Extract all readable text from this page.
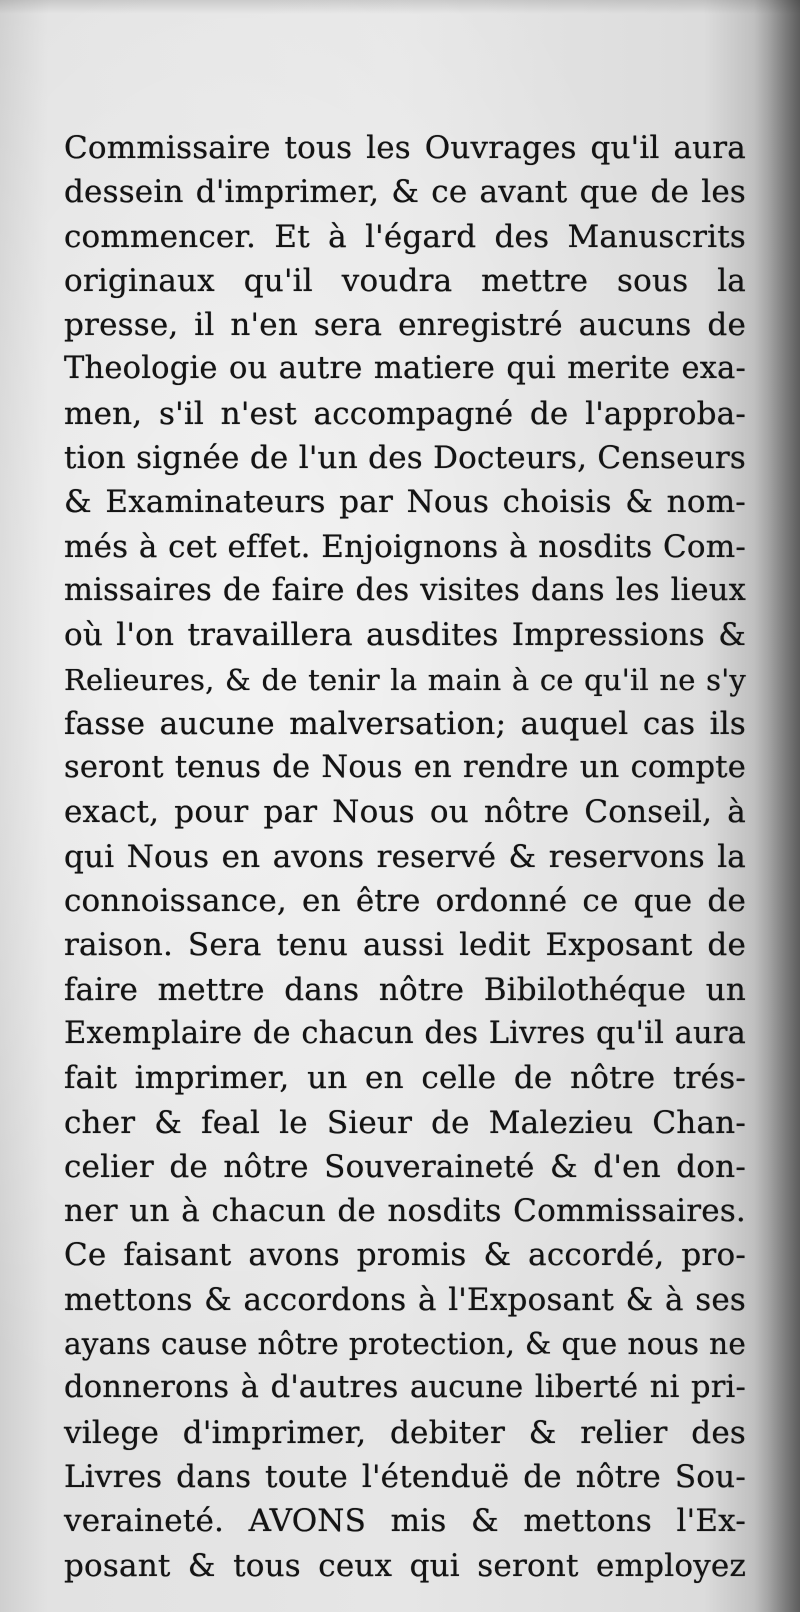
Commissaire tous les Ouvrages qu'il aura
dessein d'imprimer, & ce avant que de les
commencer. Et à l'égard des Manuscrits
originaux qu'il voudra mettre sous la
presse, il n'en sera enregistré aucuns de
Theologie ou autre matiere qui merite exa-
men, s'il n'est accompagné de l'approba-
tion signée de l'un des Docteurs, Censeurs
& Examinateurs par Nous choisis & nom-
més à cet effet. Enjoignons à nosdits Com-
missaires de faire des visites dans les lieux
où l'on travaillera ausdites Impressions &
Relieures, & de tenir la main à ce qu'il ne s'y
fasse aucune malversation; auquel cas ils
seront tenus de Nous en rendre un compte
exact, pour par Nous ou nôtre Conseil, à
qui Nous en avons reservé & reservons la
connoissance, en être ordonné ce que de
raison. Sera tenu aussi ledit Exposant de
faire mettre dans nôtre Bibilothéque un
Exemplaire de chacun des Livres qu'il aura
fait imprimer, un en celle de nôtre trés-
cher & feal le Sieur de Malezieu Chan-
celier de nôtre Souveraineté & d'en don-
ner un à chacun de nosdits Commissaires.
Ce faisant avons promis & accordé, pro-
mettons & accordons à l'Exposant & à ses
ayans cause nôtre protection, & que nous ne
donnerons à d'autres aucune liberté ni pri-
vilege d'imprimer, debiter & relier des
Livres dans toute l'étenduë de nôtre Sou-
veraineté. AVONS mis & mettons l'Ex-
posant & tous ceux qui seront employez
